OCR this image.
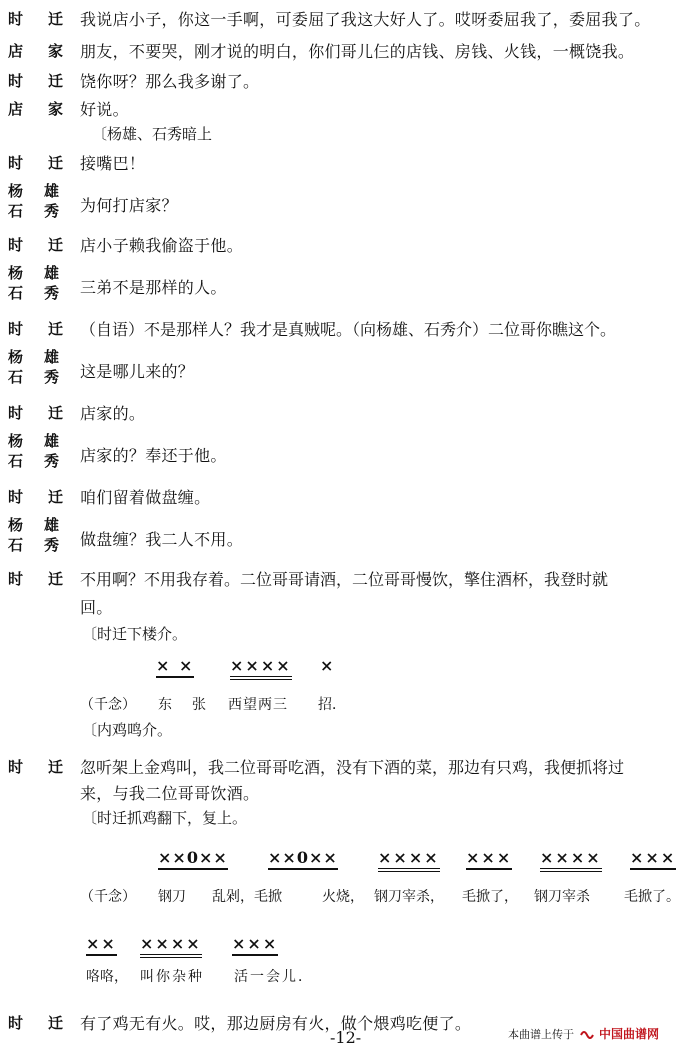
时 迁 我说店小子，你这一手啊，可委屈了我这大好人了。哎呀委屈我了，委屈我了。
店 家 朋友，不要哭，刚才说的明白，你们哥儿仨的店钱、房钱、火钱，一概饶我。
时 迁 饶你呀？那么我多谢了。
店 家 好说。
〔杨雄、石秀暗上
时 迁 接嘴巴！
杨 雄
石 秀 为何打店家？
时 迁 店小子赖我偷盗于他。
杨 雄
石 秀 三弟不是那样的人。
时 迁 （自语）不是那样人？我才是真贼呢。（向杨雄、石秀介）二位哥你瞧这个。
杨 雄
石 秀 这是哪儿来的？
时 迁 店家的。
杨 雄
石 秀 店家的？奉还于他。
时 迁 咱们留着做盘缠。
杨 雄
石 秀 做盘缠？我二人不用。
时 迁 不用啊？不用我存着。二位哥哥请酒，二位哥哥慢饮，擎住酒杯，我登时就
回。
〔时迁下楼介。
× × ×××× ×
（千念） 东 张 西望两三 招．
〔内鸡鸣介。
时 迁 忽听架上金鸡叫，我二位哥哥吃酒，没有下酒的菜，那边有只鸡，我便抓将过
来，与我二位哥哥饮酒。
〔时迁抓鸡翻下，复上。
××0××	××0××	×××× ××× ×××× ×××
（千念） 钢刀 乱剁，毛掀	火烧， 钢刀宰杀， 毛掀了， 钢刀宰杀 毛掀了。
×× ×××× ×××
咯咯， 叫你杂种 活一会儿．
时 迁 有了鸡无有火。哎，那边厨房有火，做个煨鸡吃便了。
-12-	本曲谱上传于 中国曲谱网
